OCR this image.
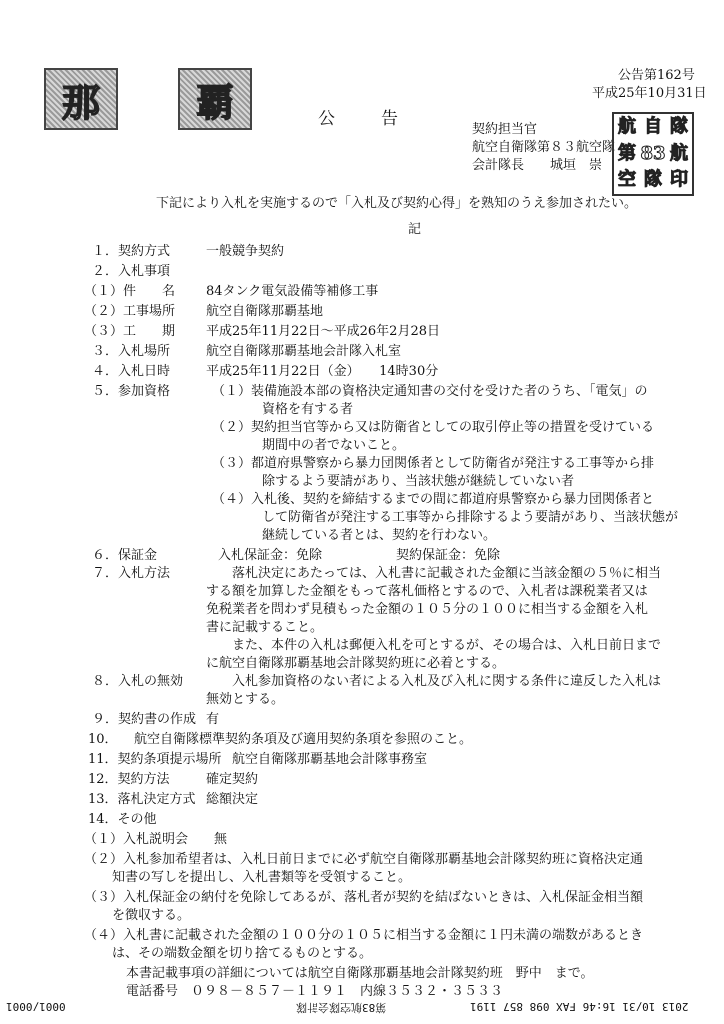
那	覇
公告第162号
平成25年10月31日
公　　告
契約担当官
航空自衛隊第８３航空隊
会計隊長　　城垣　崇
航 自 隊
第 83 航
空 隊 印
下記により入札を実施するので「入札及び契約心得」を熟知のうえ参加されたい。
記
１．契約方式	一般競争契約
２．入札事項
（１）件　　名 84タンク電気設備等補修工事
（２）工事場所 航空自衛隊那覇基地
（３）工　　期 平成25年11月22日～平成26年2月28日
３．入札場所	航空自衛隊那覇基地会計隊入札室
４．入札日時	平成25年11月22日（金）　　14時30分
５．参加資格	（１）装備施設本部の資格決定通知書の交付を受けた者のうち、「電気」の
資格を有する者
（２）契約担当官等から又は防衛省としての取引停止等の措置を受けている
期間中の者でないこと。
（３）都道府県警察から暴力団関係者として防衛省が発注する工事等から排
除するよう要請があり、当該状態が継続していない者
（４）入札後、契約を締結するまでの間に都道府県警察から暴力団関係者と
して防衛省が発注する工事等から排除するよう要請があり、当該状態が
継続している者とは、契約を行わない。
６．保証金	入札保証金：免除	契約保証金：免除
７．入札方法	落札決定にあたっては、入札書に記載された金額に当該金額の５％に相当
する額を加算した金額をもって落札価格とするので、入札者は課税業者又は
免税業者を問わず見積もった金額の１０５分の１００に相当する金額を入札
書に記載すること。
また、本件の入札は郵便入札を可とするが、その場合は、入札日前日まで
に航空自衛隊那覇基地会計隊契約班に必着とする。
８．入札の無効	入札参加資格のない者による入札及び入札に関する条件に違反した入札は
無効とする。
９．契約書の作成 有
10． 航空自衛隊標準契約条項及び適用契約条項を参照のこと。
11．契約条項提示場所 航空自衛隊那覇基地会計隊事務室
12．契約方法	確定契約
13．落札決定方式 総額決定
14．その他
（１）入札説明会　　無
（２）入札参加希望者は、入札日前日までに必ず航空自衛隊那覇基地会計隊契約班に資格決定通
知書の写しを提出し、入札書類等を受領すること。
（３）入札保証金の納付を免除してあるが、落札者が契約を結ばないときは、入札保証金相当額
を徴収する。
（４）入札書に記載された金額の１００分の１０５に相当する金額に１円未満の端数があるとき
は、その端数金額を切り捨てるものとする。
本書記載事項の詳細については航空自衛隊那覇基地会計隊契約班　野中　まで。
電話番号　０９８－８５７－１１９１　内線３５３２・３５３３
0001/0001	第83航空隊会計隊	2013 10/31 16:46 FAX 098 857 1191
